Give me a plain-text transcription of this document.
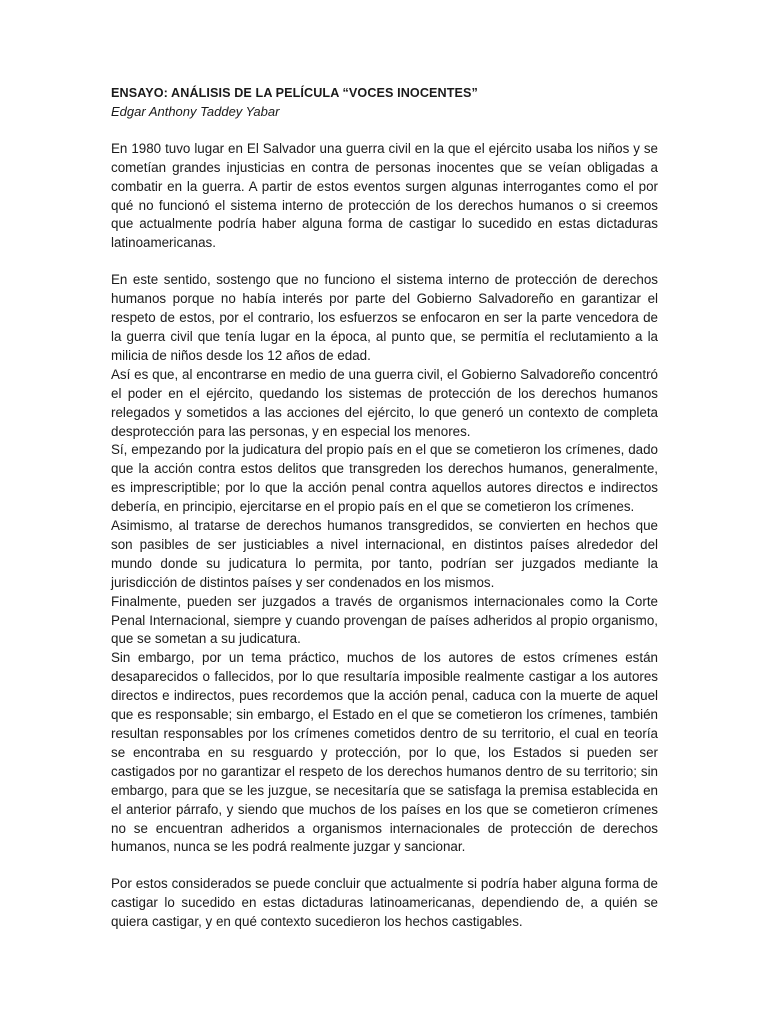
ENSAYO: ANÁLISIS DE LA PELÍCULA “VOCES INOCENTES”
Edgar Anthony Taddey Yabar

En 1980 tuvo lugar en El Salvador una guerra civil en la que el ejército usaba los niños y se cometían grandes injusticias en contra de personas inocentes que se veían obligadas a combatir en la guerra. A partir de estos eventos surgen algunas interrogantes como el por qué no funcionó el sistema interno de protección de los derechos humanos o si creemos que actualmente podría haber alguna forma de castigar lo sucedido en estas dictaduras latinoamericanas.

En este sentido, sostengo que no funciono el sistema interno de protección de derechos humanos porque no había interés por parte del Gobierno Salvadoreño en garantizar el respeto de estos, por el contrario, los esfuerzos se enfocaron en ser la parte vencedora de la guerra civil que tenía lugar en la época, al punto que, se permitía el reclutamiento a la milicia de niños desde los 12 años de edad.

Así es que, al encontrarse en medio de una guerra civil, el Gobierno Salvadoreño concentró el poder en el ejército, quedando los sistemas de protección de los derechos humanos relegados y sometidos a las acciones del ejército, lo que generó un contexto de completa desprotección para las personas, y en especial los menores.

Sí, empezando por la judicatura del propio país en el que se cometieron los crímenes, dado que la acción contra estos delitos que transgreden los derechos humanos, generalmente, es imprescriptible; por lo que la acción penal contra aquellos autores directos e indirectos debería, en principio, ejercitarse en el propio país en el que se cometieron los crímenes.

Asimismo, al tratarse de derechos humanos transgredidos, se convierten en hechos que son pasibles de ser justiciables a nivel internacional, en distintos países alrededor del mundo donde su judicatura lo permita, por tanto, podrían ser juzgados mediante la jurisdicción de distintos países y ser condenados en los mismos.

Finalmente, pueden ser juzgados a través de organismos internacionales como la Corte Penal Internacional, siempre y cuando provengan de países adheridos al propio organismo, que se sometan a su judicatura.

Sin embargo, por un tema práctico, muchos de los autores de estos crímenes están desaparecidos o fallecidos, por lo que resultaría imposible realmente castigar a los autores directos e indirectos, pues recordemos que la acción penal, caduca con la muerte de aquel que es responsable; sin embargo, el Estado en el que se cometieron los crímenes, también resultan responsables por los crímenes cometidos dentro de su territorio, el cual en teoría se encontraba en su resguardo y protección, por lo que, los Estados si pueden ser castigados por no garantizar el respeto de los derechos humanos dentro de su territorio; sin embargo, para que se les juzgue, se necesitaría que se satisfaga la premisa establecida en el anterior párrafo, y siendo que muchos de los países en los que se cometieron crímenes no se encuentran adheridos a organismos internacionales de protección de derechos humanos, nunca se les podrá realmente juzgar y sancionar.

Por estos considerados se puede concluir que actualmente si podría haber alguna forma de castigar lo sucedido en estas dictaduras latinoamericanas, dependiendo de, a quién se quiera castigar, y en qué contexto sucedieron los hechos castigables.
